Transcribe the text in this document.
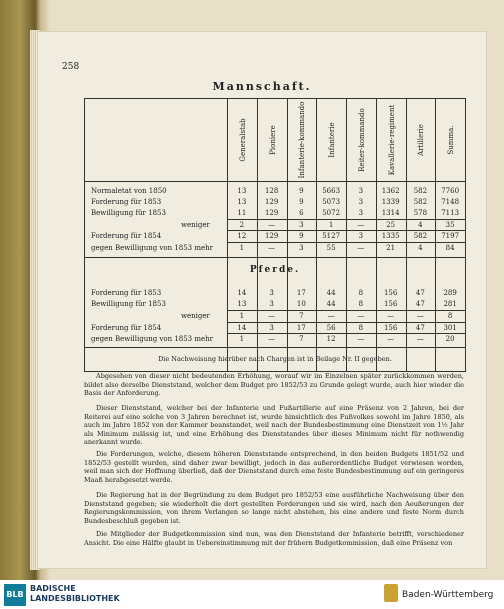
258
Mannschaft.
Generalstab	Pioniere	Infanterie-kommando	Infanterie	Reiter-kommando	Kavallerie-regiment	Artillerie	Summa.
Normaletat von 1850	13	128	9	5663	3	1362	582	7760
Forderung für 1853	13	129	9	5073	3	1339	582	7148
Bewilligung für 1853	11	129	6	5072	3	1314	578	7113
weniger	2	—	3	1	—	25	4	35
Forderung für 1854	12	129	9	5127	3	1335	582	7197
gegen Bewilligung von 1853 mehr	1	—	3	55	—	21	4	84
Pferde.
Forderung für 1853	14	3	17	44	8	156	47	289
Bewilligung für 1853	13	3	10	44	8	156	47	281
weniger	1	—	7	—	—	—	—	8
Forderung für 1854	14	3	17	56	8	156	47	301
gegen Bewilligung von 1853 mehr	1	—	7	12	—	—	—	20
Die Nachweisung hierüber nach Chargen ist in Beilage Nr. II gegeben.
Abgesehen von dieser nicht bedeutenden Erhöhung, worauf wir im Einzelnen später zurückkommen werden, bildet also derselbe Dienststand, welcher dem Budget pro 1852/53 zu Grunde gelegt wurde, auch hier wieder die Basis der Anforderung.
Dieser Dienststand, welcher bei der Infanterie und Fußartillerie auf eine Präsenz von 2 Jahren, bei der Reiterei auf eine solche von 3 Jahren berechnet ist, wurde hinsichtlich des Fußvolkes sowohl im Jahre 1850, als auch im Jahre 1852 von der Kammer beanstandet, weil nach der Bundesbestimmung eine Dienstzeit von 1½ Jahr als Minimum zulässig ist, und eine Erhöhung des Dienststandes über dieses Minimum nicht für nothwendig anerkannt wurde.
Die Forderungen, welche, diesem höheren Dienststande entsprechend, in den beiden Budgets 1851/52 und 1852/53 gestellt wurden, sind daher zwar bewilligt, jedoch in das außerordentliche Budget verwiesen worden, weil man sich der Hoffnung überließ, daß der Dienststand durch eine feste Bundesbestimmung auf ein geringeres Maaß herabgesetzt werde.
Die Regierung hat in der Begründung zu dem Budget pro 1852/53 eine ausführliche Nachweisung über den Dienststand gegeben; sie wiederholt die dort gestellten Forderungen und sie wird, nach den Aeußerungen der Regierungskommission, von ihrem Verlangen so lange nicht abstehen, bis eine andere und feste Norm durch Bundesbeschluß gegeben ist.
Die Mitglieder der Budgetkommission sind nun, was den Dienststand der Infanterie betrifft, verschiedener Ansicht. Die eine Hälfte glaubt in Uebereinstimmung mit der frühern Budgetkommission, daß eine Präsenz von
BLB
BADISCHE
LANDESBIBLIOTHEK	Baden-Württemberg
